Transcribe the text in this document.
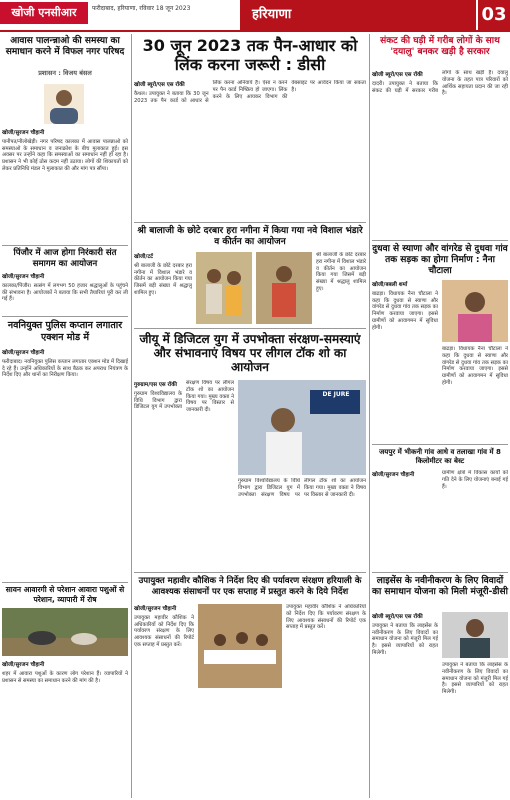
खोजी एनसीआर	फरीदाबाद, हरियाणा, रविवार 18 जून 2023	हरियाणा	03
आवास पालन्न्नाओ की समस्या का समाधान करने में विफल नगर परिषद
प्रशासन : विजय बंसल
खोजी/सुरजन चौहानी
पानीपत/नीलोखेड़ी। नगर परिषद कालका में आवास पालन्नाओ को समस्याओ के समाधान व जनाक्रोश के बीच मुलाकात हुई। इस अवसर पर उन्होंने कहा कि समस्याओं का समाधान नहीं हो रहा है। प्रशासन ने भी कोई ठोस कदम नहीं उठाया। लोगों की शिकायतों को लेकर प्रतिनिधि मंडल ने मुलाकात की और मांग पत्र सौंपा।
पिंजौर में आज होगा निरंकारी संत समागम का आयोजन
खोजी/सुरजन चौहानी
कालका/पिंजौर। सत्संग में लगभग 50 हजार श्रद्धालुओं के पहुंचने की संभावना है। आयोजकों ने बताया कि सभी तैयारियां पूरी कर ली गई हैं।
नवनियुक्त पुलिस कप्तान लगातार एक्शन मोड में
खोजी/सुरजन चौहानी
फरीदाबाद। नवनियुक्त पुलिस कप्तान लगातार एक्शन मोड में दिखाई दे रहे हैं। उन्होंने अधिकारियों के साथ बैठक कर अपराध नियंत्रण के निर्देश दिए और थानों का निरीक्षण किया।
सावन आवारगी से परेशान आवारा पशुओं से परेशान, व्यापारी में रोष
खोजी/सुरजन चौहानी
शहर में आवारा पशुओं के कारण लोग परेशान हैं। व्यापारियों ने प्रशासन से समस्या का समाधान करने की मांग की है।
30 जून 2023 तक पैन-आधार को लिंक करना जरूरी : डीसी
खोजी ब्यूरो/एस एस रॉकी
कैथल। उपायुक्त ने बताया कि 30 जून 2023 तक पैन कार्ड को आधार से लिंक करना अनिवार्य है। ऐसा न करने पर पैन कार्ड निष्क्रिय हो जाएगा। लिंक करने के लिए आयकर विभाग की वेबसाइट पर आवेदन किया जा सकता है।
श्री बालाजी के छोटे दरबार हरा नगीना में किया गया नवे विशाल भंडारे व कीर्तन का आयोजन
खोजी/टर्ट
श्री बालाजी के छोटे दरबार हरा नगीना में विशाल भंडारे व कीर्तन का आयोजन किया गया जिसमें बड़ी संख्या में श्रद्धालु शामिल हुए।
श्री बालाजी के छोटे दरबार हरा नगीना में विशाल भंडारे व कीर्तन का आयोजन किया गया जिसमें बड़ी संख्या में श्रद्धालु शामिल हुए।
जीयू में डिजिटल युग में उपभोक्ता संरक्षण-समस्याएं और संभावनाएं विषय पर लीगल टॉक शो का आयोजन
गुरुग्राम/एस एस रॉकी
गुरुग्राम विश्वविद्यालय के विधि विभाग द्वारा डिजिटल युग में उपभोक्ता संरक्षण विषय पर लीगल टॉक शो का आयोजन किया गया। मुख्य वक्ता ने विषय पर विस्तार से जानकारी दी।
DE JURE
गुरुग्राम विश्वविद्यालय के विधि विभाग द्वारा डिजिटल युग में उपभोक्ता संरक्षण विषय पर लीगल टॉक शो का आयोजन किया गया। मुख्य वक्ता ने विषय पर विस्तार से जानकारी दी।
उपायुक्त महावीर कौशिक ने निर्देश दिए की पर्यावरण संरक्षण हरियाली के आवश्यक संसाधनों पर एक सप्ताह में प्रस्तुत करने के दिये निर्देश
खोजी/सुरजन चौहानी
उपायुक्त महावीर कौशिक ने अधिकारियों को निर्देश दिए कि पर्यावरण संरक्षण के लिए आवश्यक संसाधनों की रिपोर्ट एक सप्ताह में प्रस्तुत करें।
उपायुक्त महावीर कौशिक ने अधिकारियों को निर्देश दिए कि पर्यावरण संरक्षण के लिए आवश्यक संसाधनों की रिपोर्ट एक सप्ताह में प्रस्तुत करें।
संकट की घड़ी में गरीब लोगों के साथ 'दयालु' बनकर खड़ी है सरकार
खोजी ब्यूरो/एस एस रॉकी
दादरी। उपायुक्त ने बताया कि संकट की घड़ी में सरकार गरीब लोगों के साथ खड़ी है। दयालु योजना के तहत पात्र परिवारों को आर्थिक सहायता प्रदान की जा रही है।
दुधवा से स्याणा और वांगरेड से दुधवा गांव तक सड़क का होगा निर्माण : नैना चौटाला
खोजी/बबली शर्मा
बाढड़ा। विधायक नैना चौटाला ने कहा कि दुधवा से स्याणा और वांगरेड से दुधवा गांव तक सड़क का निर्माण करवाया जाएगा। इससे ग्रामीणों को आवागमन में सुविधा होगी।
बाढड़ा। विधायक नैना चौटाला ने कहा कि दुधवा से स्याणा और वांगरेड से दुधवा गांव तक सड़क का निर्माण करवाया जाएगा। इससे ग्रामीणों को आवागमन में सुविधा होगी।
जयपुर में भीकनी गांव आधे व तलाखा गांव में 8 किलोमीटर का बेस्ट
खोजी/सुरजन चौहानी	ग्रामीण क्षेत्रों में विकास कार्यों को गति देने के लिए योजनाएं बनाई गई हैं।
लाइसेंस के नवीनीकरण के लिए विवादों का समाधान योजना को मिली मंजूरी-डीसी
खोजी ब्यूरो/एस एस रॉकी
उपायुक्त ने बताया कि लाइसेंस के नवीनीकरण के लिए विवादों का समाधान योजना को मंजूरी मिल गई है। इससे व्यापारियों को राहत मिलेगी।
उपायुक्त ने बताया कि लाइसेंस के नवीनीकरण के लिए विवादों का समाधान योजना को मंजूरी मिल गई है। इससे व्यापारियों को राहत मिलेगी।
